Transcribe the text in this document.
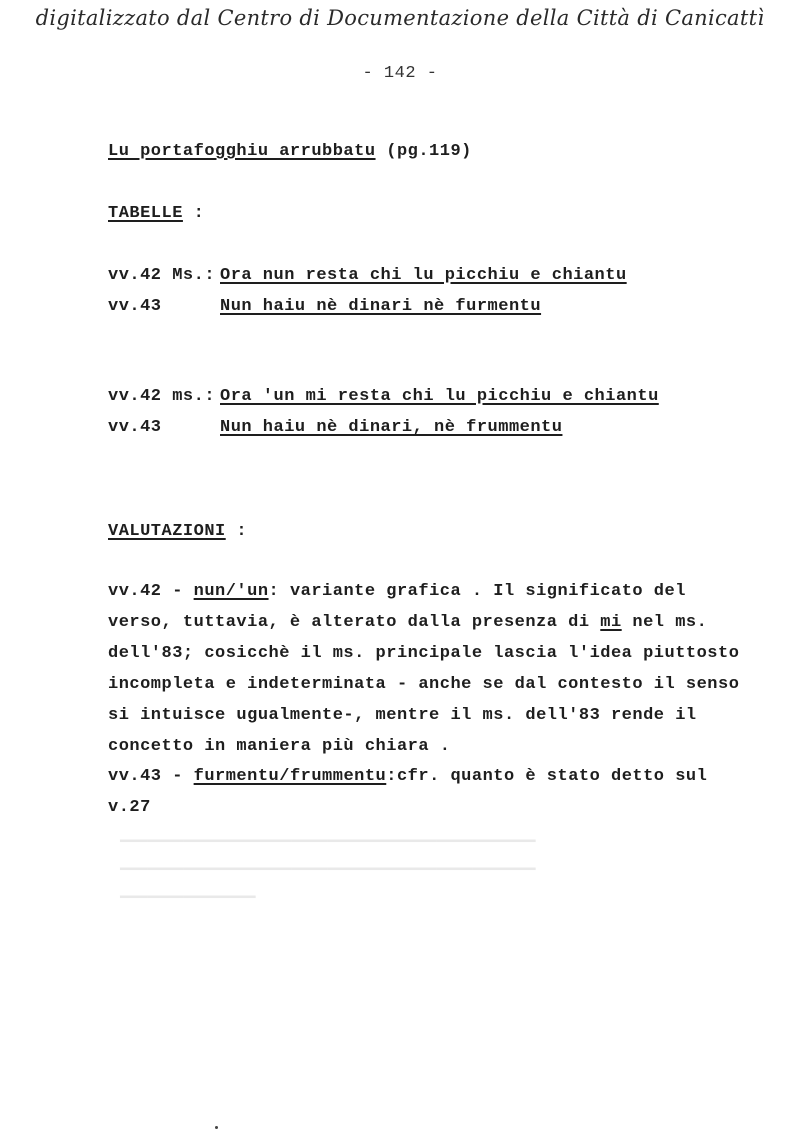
digitalizzato dal Centro di Documentazione della Città di Canicattì
- 142 -
Lu portafogghiu arrubbatu (pg.119)
TABELLE :
vv.42 Ms.: Ora nun resta chi lu picchiu e chiantu
vv.43	Nun haiu nè dinari nè furmentu
vv.42 ms.: Ora 'un mi resta chi lu picchiu e chiantu
vv.43	Nun haiu nè dinari, nè frummentu
VALUTAZIONI :
vv.42 - nun/'un: variante grafica . Il significato del
verso, tuttavia, è alterato dalla presenza di mi nel ms.
dell'83; cosicchè il ms. principale lascia l'idea piuttosto
incompleta e indeterminata - anche se dal contesto il senso
si intuisce ugualmente-, mentre il ms. dell'83 rende il
concetto in maniera più chiara .
vv.43 - furmentu/frummentu:cfr. quanto è stato detto sul
v.27
━━━━━━━━━━━━━━━━━━━━━━━━━━━━━━━━━━━━━━━━━━━━━━
━━━━━━━━━━━━━━━━━━━━━━━━━━━━━━━━━━━━━━━━━━━━━━
━━━━━━━━━━━━━━━
